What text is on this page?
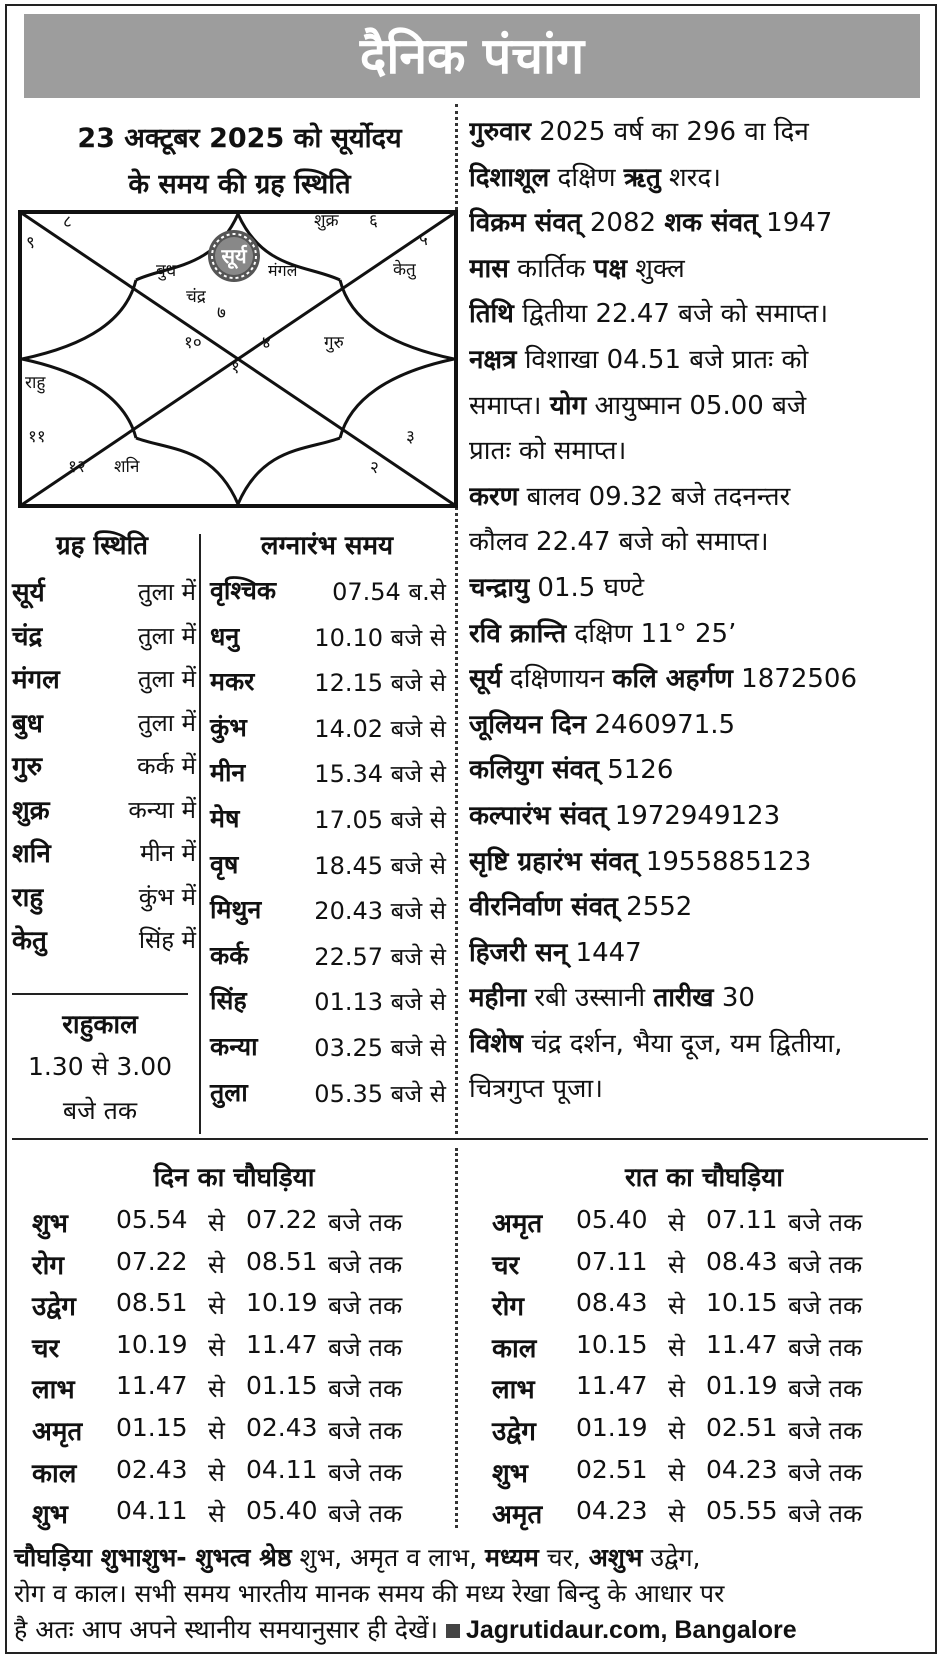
दैनिक पंचांग
23 अक्टूबर 2025 को सूर्योदय
के समय की ग्रह स्थिति
सूर्य
१
२
३
४
५
६
७
८
९
१०
११
१२
बुध	मंगल
चंद्र
शुक्र
केतु
गुरु
राहु
शनि
गुरुवार 2025 वर्ष का 296 वा दिन
दिशाशूल दक्षिण ऋतु शरद।
विक्रम संवत् 2082 शक संवत् 1947
मास कार्तिक पक्ष शुक्ल
तिथि द्वितीया 22.47 बजे को समाप्त।
नक्षत्र विशाखा 04.51 बजे प्रातः को
समाप्त। योग आयुष्मान 05.00 बजे
प्रातः को समाप्त।
करण बालव 09.32 बजे तदनन्तर
कौलव 22.47 बजे को समाप्त।
चन्द्रायु 01.5 घण्टे
रवि क्रान्ति दक्षिण 11° 25’
सूर्य दक्षिणायन कलि अहर्गण 1872506
जूलियन दिन 2460971.5
कलियुग संवत् 5126
कल्पारंभ संवत् 1972949123
सृष्टि ग्रहारंभ संवत् 1955885123
वीरनिर्वाण संवत् 2552
हिजरी सन् 1447
महीना रबी उस्सानी तारीख 30
विशेष चंद्र दर्शन, भैया दूज, यम द्वितीया,
चित्रगुप्त पूजा।
ग्रह स्थिति	लग्नारंभ समय
सूर्य	तुला में
चंद्र	तुला में
मंगल	तुला में
बुध	तुला में
गुरु	कर्क में
शुक्र	कन्या में
शनि	मीन में
राहु	कुंभ में
केतु	सिंह में
वृश्चिक	07.54 ब.से
धनु	10.10 बजे से
मकर	12.15 बजे से
कुंभ	14.02 बजे से
मीन	15.34 बजे से
मेष	17.05 बजे से
वृष	18.45 बजे से
मिथुन	20.43 बजे से
कर्क	22.57 बजे से
सिंह	01.13 बजे से
कन्या	03.25 बजे से
तुला	05.35 बजे से
राहुकाल
1.30 से 3.00
बजे तक
दिन का चौघड़िया	रात का चौघड़िया
शुभ 05.54 से 07.22 बजे तक
रोग 07.22 से 08.51 बजे तक
उद्वेग 08.51 से 10.19 बजे तक
चर 10.19 से 11.47 बजे तक
लाभ 11.47 से 01.15 बजे तक
अमृत 01.15 से 02.43 बजे तक
काल 02.43 से 04.11 बजे तक
शुभ 04.11 से 05.40 बजे तक
अमृत 05.40 से 07.11 बजे तक
चर 07.11 से 08.43 बजे तक
रोग 08.43 से 10.15 बजे तक
काल 10.15 से 11.47 बजे तक
लाभ 11.47 से 01.19 बजे तक
उद्वेग 01.19 से 02.51 बजे तक
शुभ 02.51 से 04.23 बजे तक
अमृत 04.23 से 05.55 बजे तक
चौघड़िया शुभाशुभ- शुभत्व श्रेष्ठ शुभ, अमृत व लाभ, मध्यम चर, अशुभ उद्वेग,
रोग व काल। सभी समय भारतीय मानक समय की मध्य रेखा बिन्दु के आधार पर
है अतः आप अपने स्थानीय समयानुसार ही देखें। Jagrutidaur.com, Bangalore
